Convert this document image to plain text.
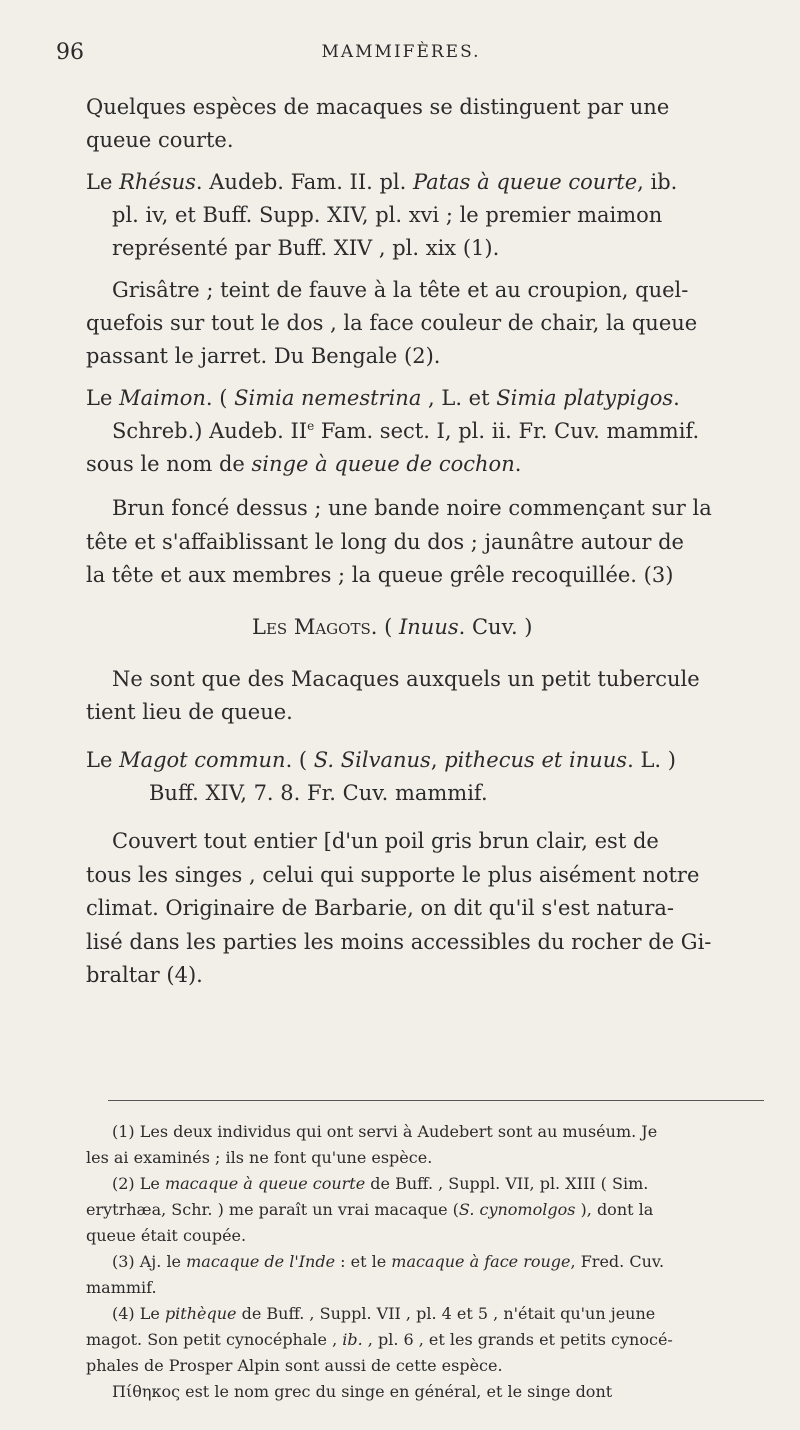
96	MAMMIFÈRES.
Quelques espèces de macaques se distinguent par une
queue courte.
Le Rhésus. Audeb. Fam. II. pl. Patas à queue courte, ib.
pl. iv, et Buff. Supp. XIV, pl. xvi ; le premier maimon
représenté par Buff. XIV , pl. xix (1).
Grisâtre ; teint de fauve à la tête et au croupion, quel-
quefois sur tout le dos , la face couleur de chair, la queue
passant le jarret. Du Bengale (2).
Le Maimon. ( Simia nemestrina , L. et Simia platypigos.
Schreb.) Audeb. IIe Fam. sect. I, pl. ii. Fr. Cuv. mammif.
sous le nom de singe à queue de cochon.
Brun foncé dessus ; une bande noire commençant sur la
tête et s'affaiblissant le long du dos ; jaunâtre autour de
la tête et aux membres ; la queue grêle recoquillée. (3)
Les Magots. ( Inuus. Cuv. )
Ne sont que des Macaques auxquels un petit tubercule
tient lieu de queue.
Le Magot commun. ( S. Silvanus, pithecus et inuus. L. )
Buff. XIV, 7. 8. Fr. Cuv. mammif.
Couvert tout entier [d'un poil gris brun clair, est de
tous les singes , celui qui supporte le plus aisément notre
climat. Originaire de Barbarie, on dit qu'il s'est natura-
lisé dans les parties les moins accessibles du rocher de Gi-
braltar (4).
(1) Les deux individus qui ont servi à Audebert sont au muséum. Je
les ai examinés ; ils ne font qu'une espèce.
(2) Le macaque à queue courte de Buff. , Suppl. VII, pl. XIII ( Sim.
erytrhæa, Schr. ) me paraît un vrai macaque (S. cynomolgos ), dont la
queue était coupée.
(3) Aj. le macaque de l'Inde : et le macaque à face rouge, Fred. Cuv.
mammif.
(4) Le pithèque de Buff. , Suppl. VII , pl. 4 et 5 , n'était qu'un jeune
magot. Son petit cynocéphale , ib. , pl. 6 , et les grands et petits cynocé-
phales de Prosper Alpin sont aussi de cette espèce.
Πίθηκος est le nom grec du singe en général, et le singe dont
